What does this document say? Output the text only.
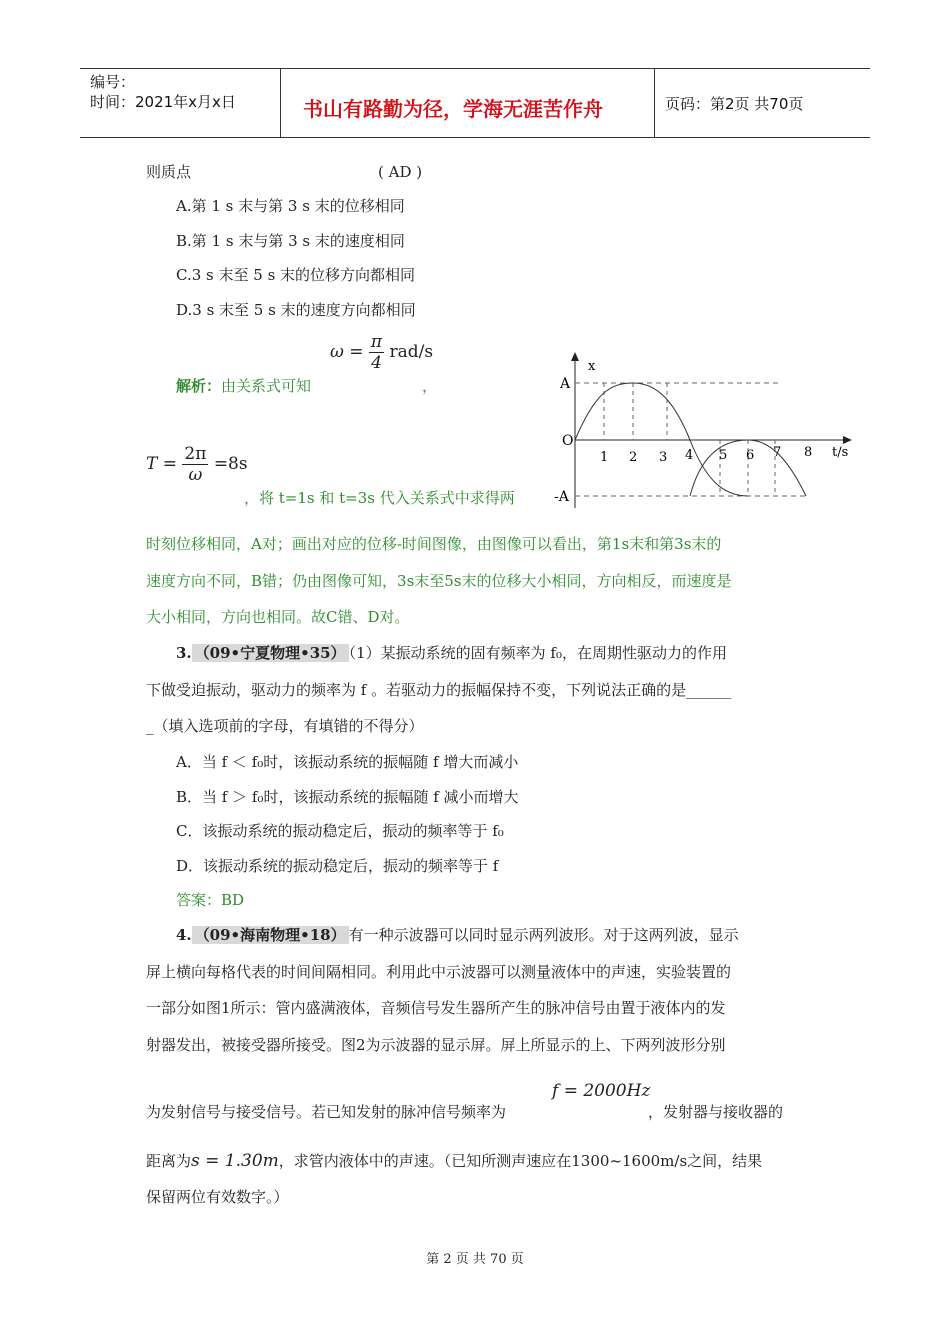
编号：
时间：2021年x月x日	书山有路勤为径，学海无涯苦作舟	页码：第2页 共70页
则质点	( AD )
A.第 1 s 末与第 3 s 末的位移相同
B.第 1 s 末与第 3 s 末的速度相同
C.3 s 末至 5 s 末的位移方向都相同
D.3 s 末至 5 s 末的速度方向都相同
$\omega = \frac{\pi}{4} rad/s$
解析：由关系式可知	，
$T = \frac{2\pi}{\omega} =8s$
，将 t=1s 和 t=3s 代入关系式中求得两
x
t/s
O
A
-A
1 2 3 4 5 6 7 8
时刻位移相同，A对；画出对应的位移-时间图像，由图像可以看出，第1s末和第3s末的
速度方向不同，B错；仍由图像可知，3s末至5s末的位移大小相同，方向相反，而速度是
大小相同，方向也相同。故C错、D对。
3. （09•宁夏物理•35） （1）某振动系统的固有频率为 f₀，在周期性驱动力的作用
下做受迫振动，驱动力的频率为 f 。若驱动力的振幅保持不变，下列说法正确的是______
_（填入选项前的字母，有填错的不得分）
A．当 f ＜ f₀时，该振动系统的振幅随 f 增大而减小
B．当 f ＞ f₀时，该振动系统的振幅随 f 减小而增大
C．该振动系统的振动稳定后，振动的频率等于 f₀
D．该振动系统的振动稳定后，振动的频率等于 f
答案：BD
4. （09•海南物理•18） 有一种示波器可以同时显示两列波形。对于这两列波，显示
屏上横向每格代表的时间间隔相同。利用此中示波器可以测量液体中的声速，实验装置的
一部分如图1所示：管内盛满液体，音频信号发生器所产生的脉冲信号由置于液体内的发
射器发出，被接受器所接受。图2为示波器的显示屏。屏上所显示的上、下两列波形分别
f = 2000Hz
为发射信号与接受信号。若已知发射的脉冲信号频率为	，发射器与接收器的
距离为s = 1.30m，求管内液体中的声速。（已知所测声速应在1300~1600m/s之间，结果
保留两位有效数字。）
第 2 页 共 70 页
